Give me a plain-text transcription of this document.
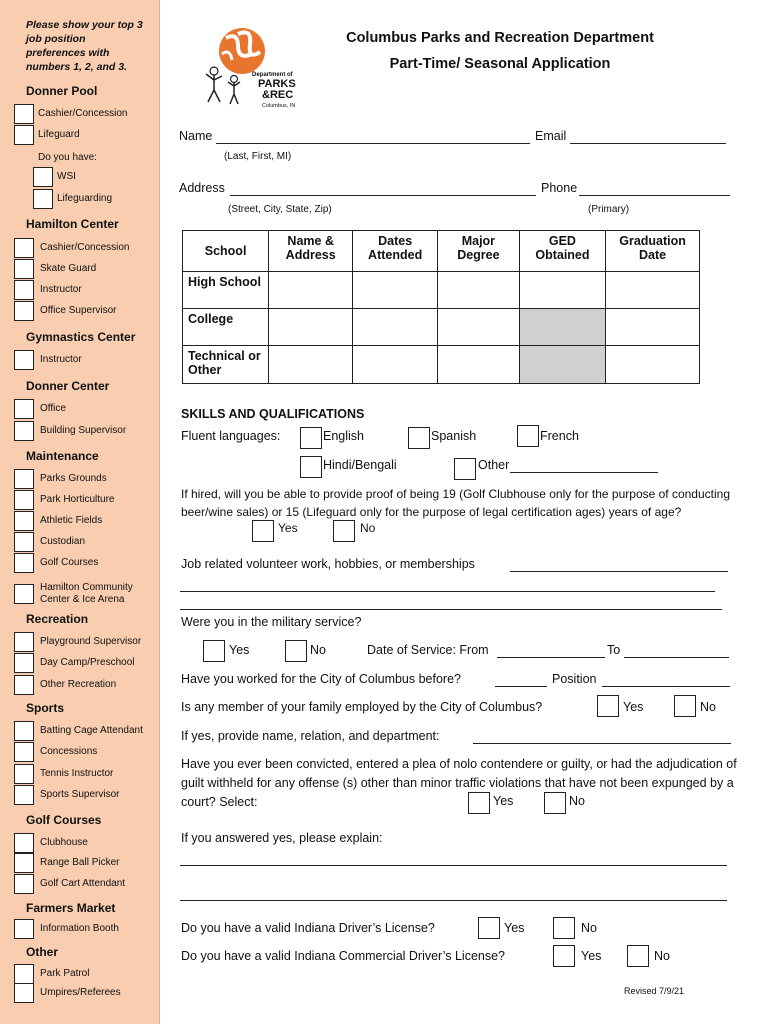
Please show your top 3 job position preferences with numbers 1, 2, and 3.
Donner Pool
Cashier/Concession
Lifeguard
Do you have:
WSI
Lifeguarding
Hamilton Center
Cashier/Concession
Skate Guard
Instructor
Office Supervisor
Gymnastics Center
Instructor
Donner Center
Office
Building Supervisor
Maintenance
Parks Grounds
Park Horticulture
Athletic Fields
Custodian
Golf Courses
Hamilton Community Center & Ice Arena
Recreation
Playground Supervisor
Day Camp/Preschool
Other Recreation
Sports
Batting Cage Attendant
Concessions
Tennis Instructor
Sports Supervisor
Golf Courses
Clubhouse
Range Ball Picker
Golf Cart Attendant
Farmers Market
Information Booth
Other
Park Patrol
Umpires/Referees
Department of
PARKS
&REC
Columbus, IN
Columbus Parks and Recreation Department
Part-Time/ Seasonal Application
Name	Email
(Last, First, MI)
Address	Phone
(Street, City, State, Zip)	(Primary)
School	Name & Address	Dates Attended	Major Degree	GED Obtained	Graduation Date
High School					
College					
Technical or Other					
SKILLS AND QUALIFICATIONS
Fluent languages:	English	Spanish	French
Hindi/Bengali	Other
If hired, will you be able to provide proof of being 19 (Golf Clubhouse only for the purpose of conducting beer/wine sales) or 15 (Lifeguard only for the purpose of legal certification ages) years of age?
Yes	No
Job related volunteer work, hobbies, or memberships
Were you in the military service?
Yes	No	Date of Service: From	To
Have you worked for the City of Columbus before?	Position
Is any member of your family employed by the City of Columbus?	Yes	No
If yes, provide name, relation, and department:
Have you ever been convicted, entered a plea of nolo contendere or guilty, or had the adjudication of guilt withheld for any offense (s) other than minor traffic violations that have not been expunged by a court? Select:	Yes	No
If you answered yes, please explain:
Do you have a valid Indiana Driver’s License?	Yes	No
Do you have a valid Indiana Commercial Driver’s License?	Yes	No
Revised 7/9/21
